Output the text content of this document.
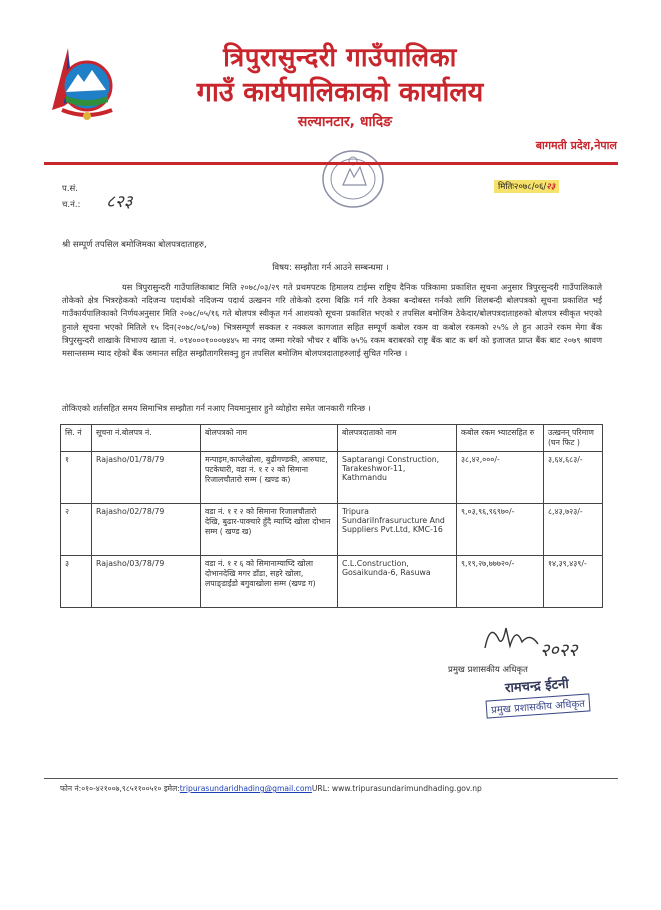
त्रिपुरासुन्दरी गाउँपालिका
गाउँ कार्यपालिकाको कार्यालय
सल्यानटार, धादिङ
बागमती प्रदेश,नेपाल
प.सं.
च.नं.: ८२३
मितिः२०७८/०६/२३
श्री सम्पूर्ण तपसिल बमोजिमका बोलपत्रदाताहरु,
विषय: सम्झौता गर्न आउने सम्बन्धमा ।
यस त्रिपुरासुन्दरी गाउँपालिकाबाट मिति २०७८/०३/२९ गते प्रथमपटक हिमालय टाईम्स राष्ट्रिय दैनिक पत्रिकामा प्रकाशित सूचना अनुसार त्रिपुरसुन्दरी गाउँपालिकाले तोकेको क्षेत्र भित्ररहेकको नदिजन्य पदार्थको नदिजन्य पदार्थ उत्खनन गरि तोकेको दरमा बिक्रि गर्न गरि ठेक्का बन्दोबस्त गर्नको लागि शिलबन्दी बोलपत्रको सूचना प्रकाशित भई गाउँकार्यपालिकाको निर्णयअनुसार मिति २०७८/०५/१६ गते बोलपत्र स्वीकृत गर्न आशयको सूचना प्रकाशित भएको र तपसिल बमोजिम ठेकेदार/बोलपत्रदाताहरुको बोलपत्र स्वीकृत भएको हुनाले सूचना भएको मितिले १५ दिन(२०७८/०६/०७) भित्रसम्पूर्ण सक्कल र नक्कल कागजात सहित सम्पूर्ण कबोल रकम वा कबोल रकमको २५% ले हुन आउने रकम मेगा बैंक त्रिपुरसुन्दरी शाखाके विभाज्य खाता नं. ०९४०००१०००७४४५ मा नगद जम्मा गरेको भौचर र बाँकि ७५% रकम बराबरको राष्ट्र बैंक बाट क बर्ग को इजाजत प्राप्त बैंक बाट २०७९ श्रावण मसान्तसम्म म्याद रहेको बैंक जमानत सहित सम्झौतागरिसक्नु हुन तपसिल बमोजिम बोलपत्रदाताहरुलाई सुचित गरिन्छ ।
तोकिएको शर्तसहित समय सिमाभित्र सम्झौता गर्न नआए नियमानुसार हुने व्योहोरा समेत जानकारी गरिन्छ ।
सि. नं	सूचना नं.बोलपत्र नं.	बोलपत्रको नाम	बोलपत्रदाताको नाम	कबोल रकम भ्याटसहित रु	उत्खनन् परिमाण (घन फिट )
१	Rajasho/01/78/79	मन्पाइम,काप्लेखोला, बुढीगण्डकी, आरुघाट, पटकेघारी, वडा नं. १ र २ को सिमाना रिजालचौतारो सम्म ( खण्ड क)	Saptarangi Construction, Tarakeshwor-11, Kathmandu	३८,४२,०००/-	३,६४,६८३/-
२	Rajasho/02/78/79	वडा नं. १ र २ को सिमाना रिजालचौतारो देखि, बुढार-पाक्चारे हुँदै म्याघ्दि खोला दोभान सम्म ( खण्ड ख)	Tripura SundariInfrasuructure And Suppliers Pvt.Ltd, KMC-16	९,०३,९६,९६९७०/-	८,४३,७२३/-
३	Rajasho/03/78/79	वडा नं. १ र ६ को सिमानाम्याघ्दि खोला दोभानदेखि मगर डाँडा, सहरे खोला, लपाङ्डाईंडो बगुवाखोला सम्म (खण्ड ग)	C.L.Construction, Gosaikunda-6, Rasuwa	९,१९,२७,७७७२०/-	१४,३९,४३९/-
२०२२
प्रमुख प्रशासकीय अधिकृत
रामचन्द्र ईटनी
प्रमुख प्रशासकीय अधिकृत
फोन नं:०१०-४२१००७,९८५११००५१० इमेल:tripurasundaridhading@gmail.comURL: www.tripurasundarimundhading.gov.np
